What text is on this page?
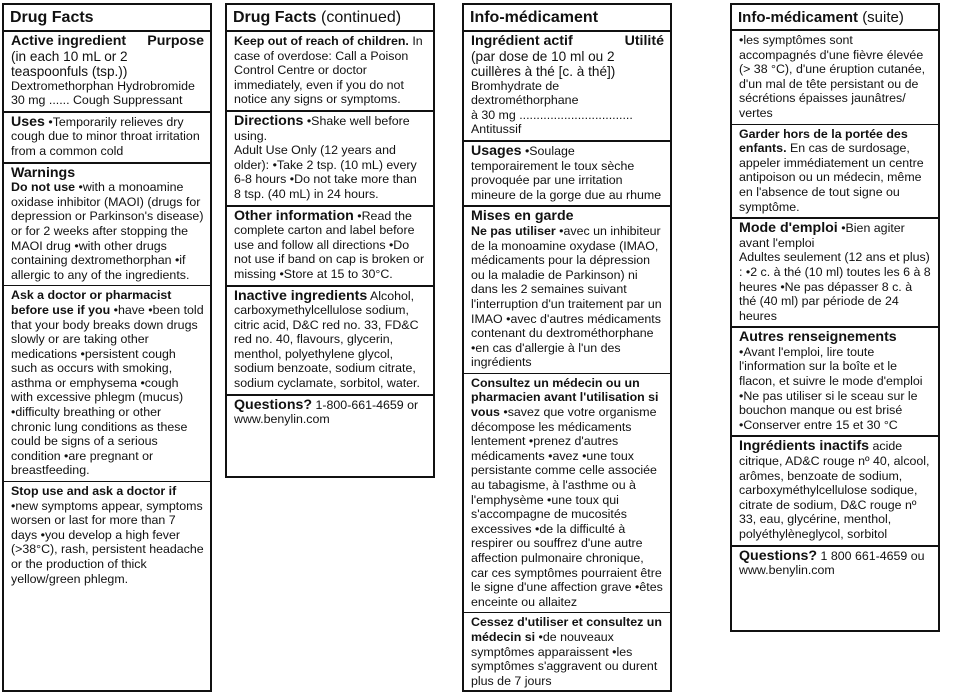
Drug Facts
Active ingredient Purpose
(in each 10 mL or 2 teaspoonfuls (tsp.))
Dextromethorphan Hydrobromide
30 mg ...... Cough Suppressant
Uses •Temporarily relieves dry cough due to minor throat irritation from a common cold
Warnings
Do not use •with a monoamine oxidase inhibitor (MAOI) (drugs for depression or Parkinson's disease) or for 2 weeks after stopping the MAOI drug •with other drugs containing dextromethorphan •if allergic to any of the ingredients.
Ask a doctor or pharmacist before use if you •have •been told that your body breaks down drugs slowly or are taking other medications •persistent cough such as occurs with smoking, asthma or emphysema •cough with excessive phlegm (mucus) •difficulty breathing or other chronic lung conditions as these could be signs of a serious condition •are pregnant or breastfeeding.
Stop use and ask a doctor if •new symptoms appear, symptoms worsen or last for more than 7 days •you develop a high fever (>38°C), rash, persistent headache or the production of thick yellow/green phlegm.
Drug Facts (continued)
Keep out of reach of children. In case of overdose: Call a Poison Control Centre or doctor immediately, even if you do not notice any signs or symptoms.
Directions •Shake well before using.
Adult Use Only (12 years and older): •Take 2 tsp. (10 mL) every 6-8 hours •Do not take more than 8 tsp. (40 mL) in 24 hours.
Other information •Read the complete carton and label before use and follow all directions •Do not use if band on cap is broken or missing •Store at 15 to 30°C.
Inactive ingredients Alcohol, carboxymethylcellulose sodium, citric acid, D&C red no. 33, FD&C red no. 40, flavours, glycerin, menthol, polyethylene glycol, sodium benzoate, sodium citrate, sodium cyclamate, sorbitol, water.
Questions? 1-800-661-4659 or www.benylin.com
Info-médicament
Ingrédient actif	Utilité
(par dose de 10 ml ou 2 cuillères à thé [c. à thé])
Bromhydrate de dextrométhorphane
à 30 mg ................................. Antitussif
Usages •Soulage temporairement le toux sèche provoquée par une irritation mineure de la gorge due au rhume
Mises en garde
Ne pas utiliser •avec un inhibiteur de la monoamine oxydase (IMAO, médicaments pour la dépression ou la maladie de Parkinson) ni dans les 2 semaines suivant l'interruption d'un traitement par un IMAO •avec d'autres médicaments contenant du dextrométhorphane •en cas d'allergie à l'un des ingrédients
Consultez un médecin ou un pharmacien avant l'utilisation si vous •savez que votre organisme décompose les médicaments lentement •prenez d'autres médicaments •avez •une toux persistante comme celle associée au tabagisme, à l'asthme ou à l'emphysème •une toux qui s'accompagne de mucosités excessives •de la difficulté à respirer ou souffrez d'une autre affection pulmonaire chronique, car ces symptômes pourraient être le signe d'une affection grave •êtes enceinte ou allaitez
Cessez d'utiliser et consultez un médecin si •de nouveaux symptômes apparaissent •les symptômes s'aggravent ou durent plus de 7 jours
Info-médicament (suite)
•les symptômes sont accompagnés d'une fièvre élevée (> 38 °C), d'une éruption cutanée, d'un mal de tête persistant ou de sécrétions épaisses jaunâtres/ vertes
Garder hors de la portée des enfants. En cas de surdosage, appeler immédiatement un centre antipoison ou un médecin, même en l'absence de tout signe ou symptôme.
Mode d'emploi •Bien agiter avant l'emploi
Adultes seulement (12 ans et plus) : •2 c. à thé (10 ml) toutes les 6 à 8 heures •Ne pas dépasser 8 c. à thé (40 ml) par période de 24 heures
Autres renseignements
•Avant l'emploi, lire toute l'information sur la boîte et le flacon, et suivre le mode d'emploi •Ne pas utiliser si le sceau sur le bouchon manque ou est brisé •Conserver entre 15 et 30 °C
Ingrédients inactifs acide citrique, AD&C rouge nº 40, alcool, arômes, benzoate de sodium, carboxyméthylcellulose sodique, citrate de sodium, D&C rouge nº 33, eau, glycérine, menthol, polyéthylèneglycol, sorbitol
Questions? 1 800 661-4659 ou www.benylin.com
